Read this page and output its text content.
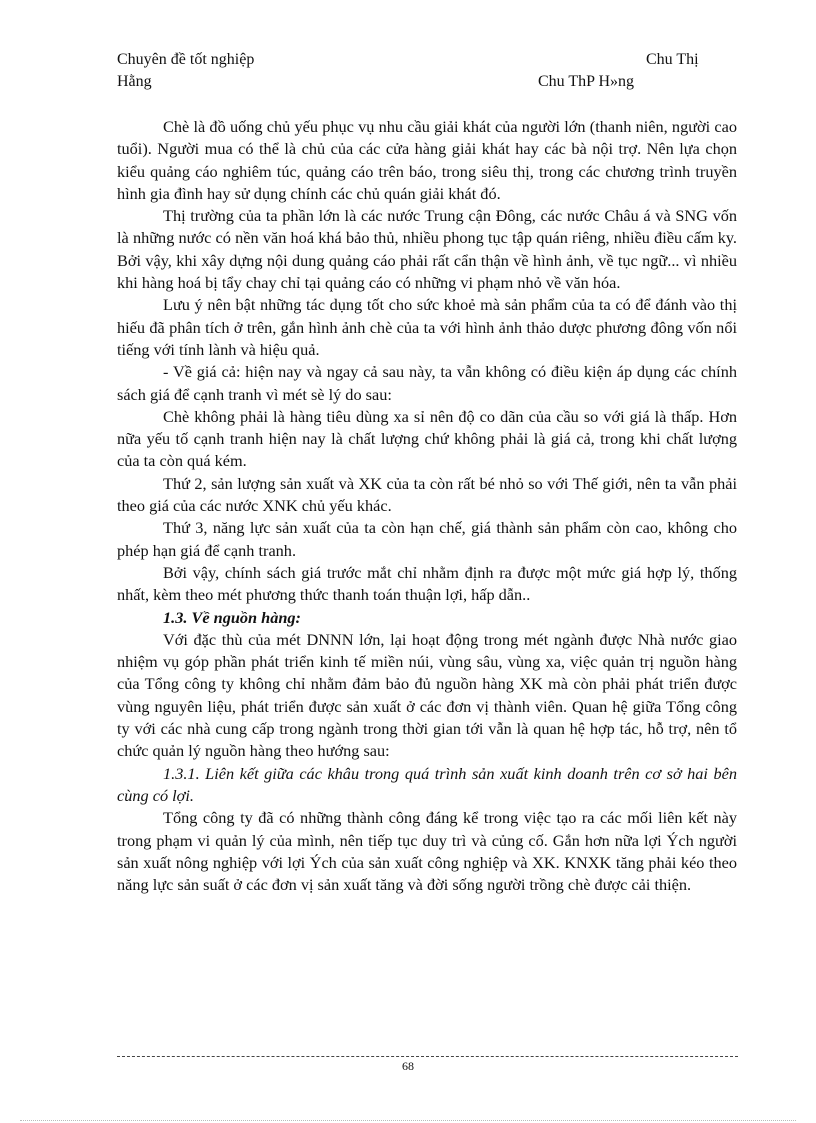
Chuyên đề tốt nghiệp	Chu Thị
Hằng	Chu ThP H»ng

Chè là đồ uống chủ yếu phục vụ nhu cầu giải khát của người lớn (thanh niên, người cao tuổi). Người mua có thể là chủ của các cửa hàng giải khát hay các bà nội trợ. Nên lựa chọn kiểu quảng cáo nghiêm túc, quảng cáo trên báo, trong siêu thị, trong các chương trình truyền hình gia đình hay sử dụng chính các chủ quán giải khát đó.

Thị trường của ta phần lớn là các nước Trung cận Đông, các nước Châu á và SNG vốn là những nước có nền văn hoá khá bảo thủ, nhiều phong tục tập quán riêng, nhiều điều cấm ky. Bởi vậy, khi xây dựng nội dung quảng cáo phải rất cẩn thận về hình ảnh, về tục ngữ... vì nhiều khi hàng hoá bị tẩy chay chỉ tại quảng cáo có những vi phạm nhỏ về văn hóa.

Lưu ý nên bật những tác dụng tốt cho sức khoẻ mà sản phẩm của ta có để đánh vào thị hiếu đã phân tích ở trên, gắn hình ảnh chè của ta với hình ảnh thảo dược phương đông vốn nổi tiếng với tính lành và hiệu quả.

- Về giá cả: hiện nay và ngay cả sau này, ta vẫn không có điều kiện áp dụng các chính sách giá để cạnh tranh vì mét sè lý do sau:

Chè không phải là hàng tiêu dùng xa sỉ nên độ co dãn của cầu so với giá là thấp. Hơn nữa yếu tố cạnh tranh hiện nay là chất lượng chứ không phải là giá cả, trong khi chất lượng của ta còn quá kém.

Thứ 2, sản lượng sản xuất và XK của ta còn rất bé nhỏ so với Thế giới, nên ta vẫn phải theo giá của các nước XNK chủ yếu khác.

Thứ 3, năng lực sản xuất của ta còn hạn chế, giá thành sản phẩm còn cao, không cho phép hạn giá để cạnh tranh.

Bởi vậy, chính sách giá trước mắt chỉ nhằm định ra được một mức giá hợp lý, thống nhất, kèm theo mét phương thức thanh toán thuận lợi, hấp dẫn..

1.3. Về nguồn hàng:

Với đặc thù của mét DNNN lớn, lại hoạt động trong mét ngành được Nhà nước giao nhiệm vụ góp phần phát triển kinh tế miền núi, vùng sâu, vùng xa, việc quản trị nguồn hàng của Tổng công ty không chỉ nhằm đảm bảo đủ nguồn hàng XK mà còn phải phát triển được vùng nguyên liệu, phát triển được sản xuất ở các đơn vị thành viên. Quan hệ giữa Tổng công ty với các nhà cung cấp trong ngành trong thời gian tới vẫn là quan hệ hợp tác, hỗ trợ, nên tổ chức quản lý nguồn hàng theo hướng sau:

1.3.1. Liên kết giữa các khâu trong quá trình sản xuất kinh doanh trên cơ sở hai bên cùng có lợi.

Tổng công ty đã có những thành công đáng kể trong việc tạo ra các mối liên kết này trong phạm vi quản lý của mình, nên tiếp tục duy trì và củng cố. Gắn hơn nữa lợi Ých người sản xuất nông nghiệp với lợi Ých của sản xuất công nghiệp và XK. KNXK tăng phải kéo theo năng lực sản suất ở các đơn vị sản xuất tăng và đời sống người trồng chè được cải thiện.

68
